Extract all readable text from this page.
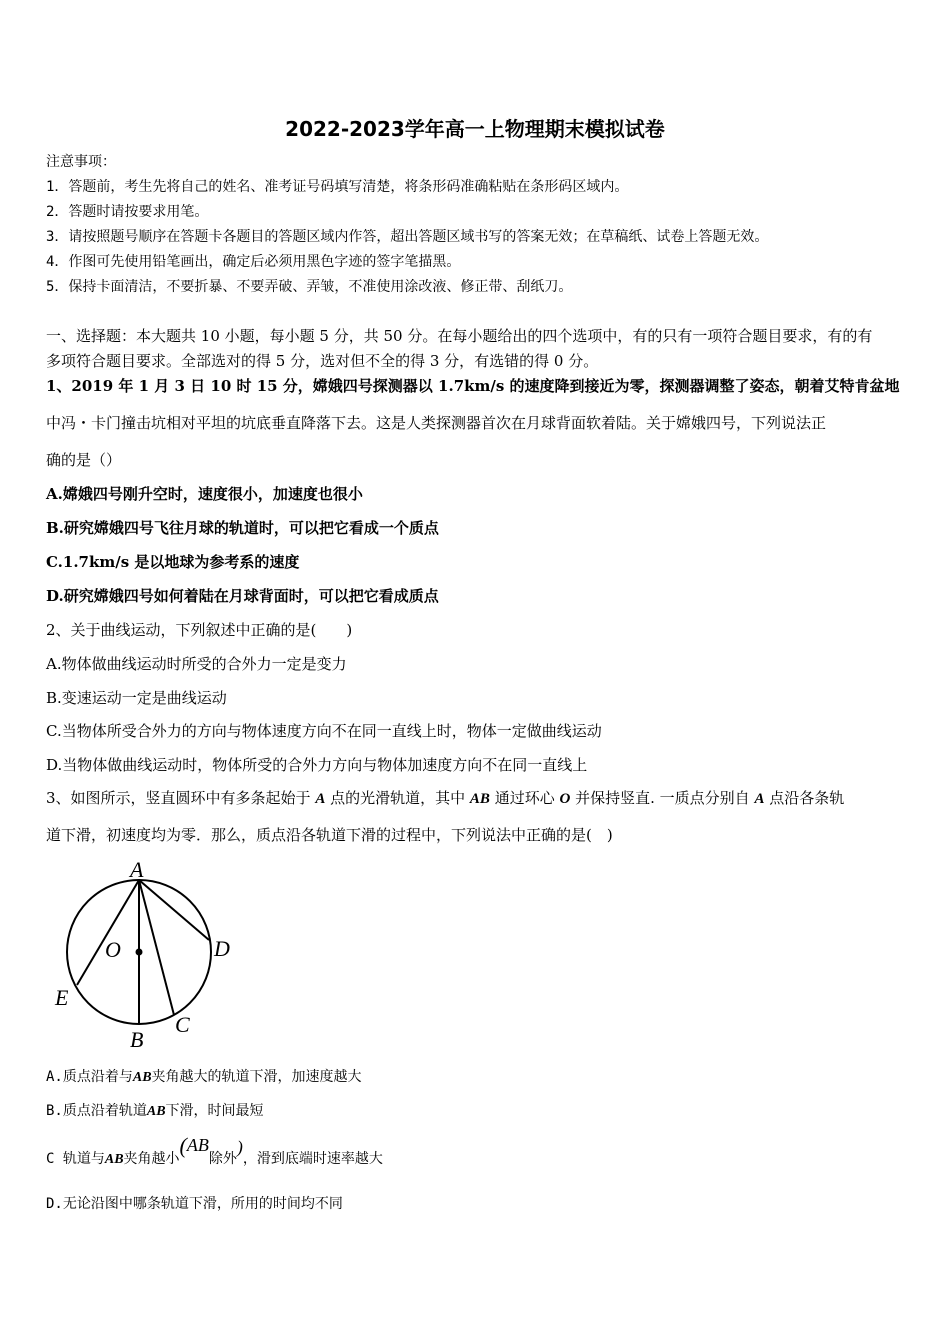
2022-2023学年高一上物理期末模拟试卷
注意事项：
1．答题前，考生先将自己的姓名、准考证号码填写清楚，将条形码准确粘贴在条形码区域内。
2．答题时请按要求用笔。
3．请按照题号顺序在答题卡各题目的答题区域内作答，超出答题区域书写的答案无效；在草稿纸、试卷上答题无效。
4．作图可先使用铅笔画出，确定后必须用黑色字迹的签字笔描黑。
5．保持卡面清洁，不要折暴、不要弄破、弄皱，不准使用涂改液、修正带、刮纸刀。
一、选择题：本大题共 10 小题，每小题 5 分，共 50 分。在每小题给出的四个选项中，有的只有一项符合题目要求，有的有
多项符合题目要求。全部选对的得 5 分，选对但不全的得 3 分，有选错的得 0 分。
1、2019 年 1 月 3 日 10 时 15 分，嫦娥四号探测器以 1.7km/s 的速度降到接近为零，探测器调整了姿态，朝着艾特肯盆地
中冯・卡门撞击坑相对平坦的坑底垂直降落下去。这是人类探测器首次在月球背面软着陆。关于嫦娥四号，下列说法正
确的是（）
A.嫦娥四号刚升空时，速度很小，加速度也很小
B.研究嫦娥四号飞往月球的轨道时，可以把它看成一个质点
C.1.7km/s 是以地球为参考系的速度
D.研究嫦娥四号如何着陆在月球背面时，可以把它看成质点
2、关于曲线运动，下列叙述中正确的是(　　)
A.物体做曲线运动时所受的合外力一定是变力
B.变速运动一定是曲线运动
C.当物体所受合外力的方向与物体速度方向不在同一直线上时，物体一定做曲线运动
D.当物体做曲线运动时，物体所受的合外力方向与物体加速度方向不在同一直线上
3、如图所示，竖直圆环中有多条起始于 A 点的光滑轨道，其中 AB 通过环心 O 并保持竖直. 一质点分别自 A 点沿各条轨
道下滑，初速度均为零．那么，质点沿各轨道下滑的过程中，下列说法中正确的是(　)
A
O	D
E
C
B
A.质点沿着与AB夹角越大的轨道下滑，加速度越大
B.质点沿着轨道AB下滑，时间最短
C 轨道与AB夹角越小(AB除外)，滑到底端时速率越大
D.无论沿图中哪条轨道下滑，所用的时间均不同
